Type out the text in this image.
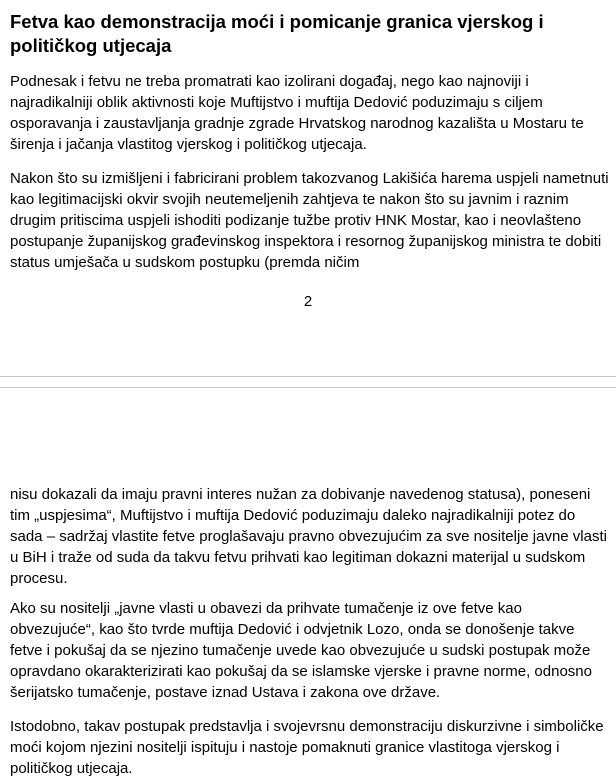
Fetva kao demonstracija moći i pomicanje granica vjerskog i političkog utjecaja

Podnesak i fetvu ne treba promatrati kao izolirani događaj, nego kao najnoviji i najradikalniji oblik aktivnosti koje Muftijstvo i muftija Dedović poduzimaju s ciljem osporavanja i zaustavljanja gradnje zgrade Hrvatskog narodnog kazališta u Mostaru te širenja i jačanja vlastitog vjerskog i političkog utjecaja.

Nakon što su izmišljeni i fabricirani problem takozvanog Lakišića harema uspjeli nametnuti kao legitimacijski okvir svojih neutemeljenih zahtjeva te nakon što su javnim i raznim drugim pritiscima uspjeli ishoditi podizanje tužbe protiv HNK Mostar, kao i neovlašteno postupanje županijskog građevinskog inspektora i resornog županijskog ministra te dobiti status umješača u sudskom postupku (premda ničim

2

nisu dokazali da imaju pravni interes nužan za dobivanje navedenog statusa), poneseni tim „uspjesima“, Muftijstvo i muftija Dedović poduzimaju daleko najradikalniji potez do sada – sadržaj vlastite fetve proglašavaju pravno obvezujućim za sve nositelje javne vlasti u BiH i traže od suda da takvu fetvu prihvati kao legitiman dokazni materijal u sudskom procesu.

Ako su nositelji „javne vlasti u obavezi da prihvate tumačenje iz ove fetve kao obvezujuće“, kao što tvrde muftija Dedović i odvjetnik Lozo, onda se donošenje takve fetve i pokušaj da se njezino tumačenje uvede kao obvezujuće u sudski postupak može opravdano okarakterizirati kao pokušaj da se islamske vjerske i pravne norme, odnosno šerijatsko tumačenje, postave iznad Ustava i zakona ove države.

Istodobno, takav postupak predstavlja i svojevrsnu demonstraciju diskurzivne i simboličke moći kojom njezini nositelji ispituju i nastoje pomaknuti granice vlastitoga vjerskog i političkog utjecaja.
